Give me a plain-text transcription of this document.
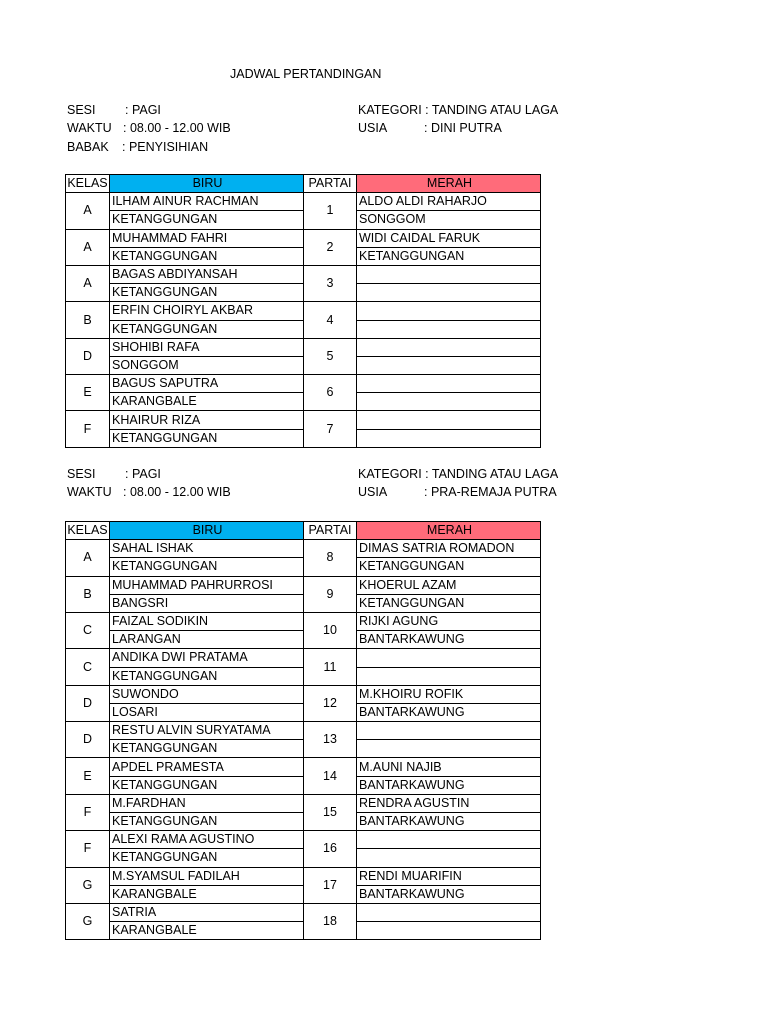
JADWAL PERTANDINGAN
SESI : PAGI
WAKTU : 08.00 - 12.00 WIB
BABAK : PENYISIHIAN
KATEGORI : TANDING ATAU LAGA
USIA	: DINI PUTRA
KELAS	BIRU	PARTAI	MERAH
A	ILHAM AINUR RACHMAN	1	ALDO ALDI RAHARJO
	KETANGGUNGAN		SONGGOM
A	MUHAMMAD FAHRI	2	WIDI CAIDAL FARUK
	KETANGGUNGAN		KETANGGUNGAN
A	BAGAS ABDIYANSAH	3	
	KETANGGUNGAN		
B	ERFIN CHOIRYL AKBAR	4	
	KETANGGUNGAN		
D	SHOHIBI RAFA	5	
	SONGGOM		
E	BAGUS SAPUTRA	6	
	KARANGBALE		
F	KHAIRUR RIZA	7	
	KETANGGUNGAN		
SESI : PAGI
WAKTU : 08.00 - 12.00 WIB
KATEGORI : TANDING ATAU LAGA
USIA	: PRA-REMAJA PUTRA
KELAS	BIRU	PARTAI	MERAH
A	SAHAL ISHAK	8	DIMAS SATRIA ROMADON
	KETANGGUNGAN		KETANGGUNGAN
B	MUHAMMAD PAHRURROSI	9	KHOERUL AZAM
	BANGSRI		KETANGGUNGAN
C	FAIZAL SODIKIN	10	RIJKI AGUNG
	LARANGAN		BANTARKAWUNG
C	ANDIKA DWI PRATAMA	11	
	KETANGGUNGAN		
D	SUWONDO	12	M.KHOIRU ROFIK
	LOSARI		BANTARKAWUNG
D	RESTU ALVIN SURYATAMA	13	
	KETANGGUNGAN		
E	APDEL PRAMESTA	14	M.AUNI NAJIB
	KETANGGUNGAN		BANTARKAWUNG
F	M.FARDHAN	15	RENDRA AGUSTIN
	KETANGGUNGAN		BANTARKAWUNG
F	ALEXI RAMA AGUSTINO	16	
	KETANGGUNGAN		
G	M.SYAMSUL FADILAH	17	RENDI MUARIFIN
	KARANGBALE		BANTARKAWUNG
G	SATRIA	18	
	KARANGBALE		
